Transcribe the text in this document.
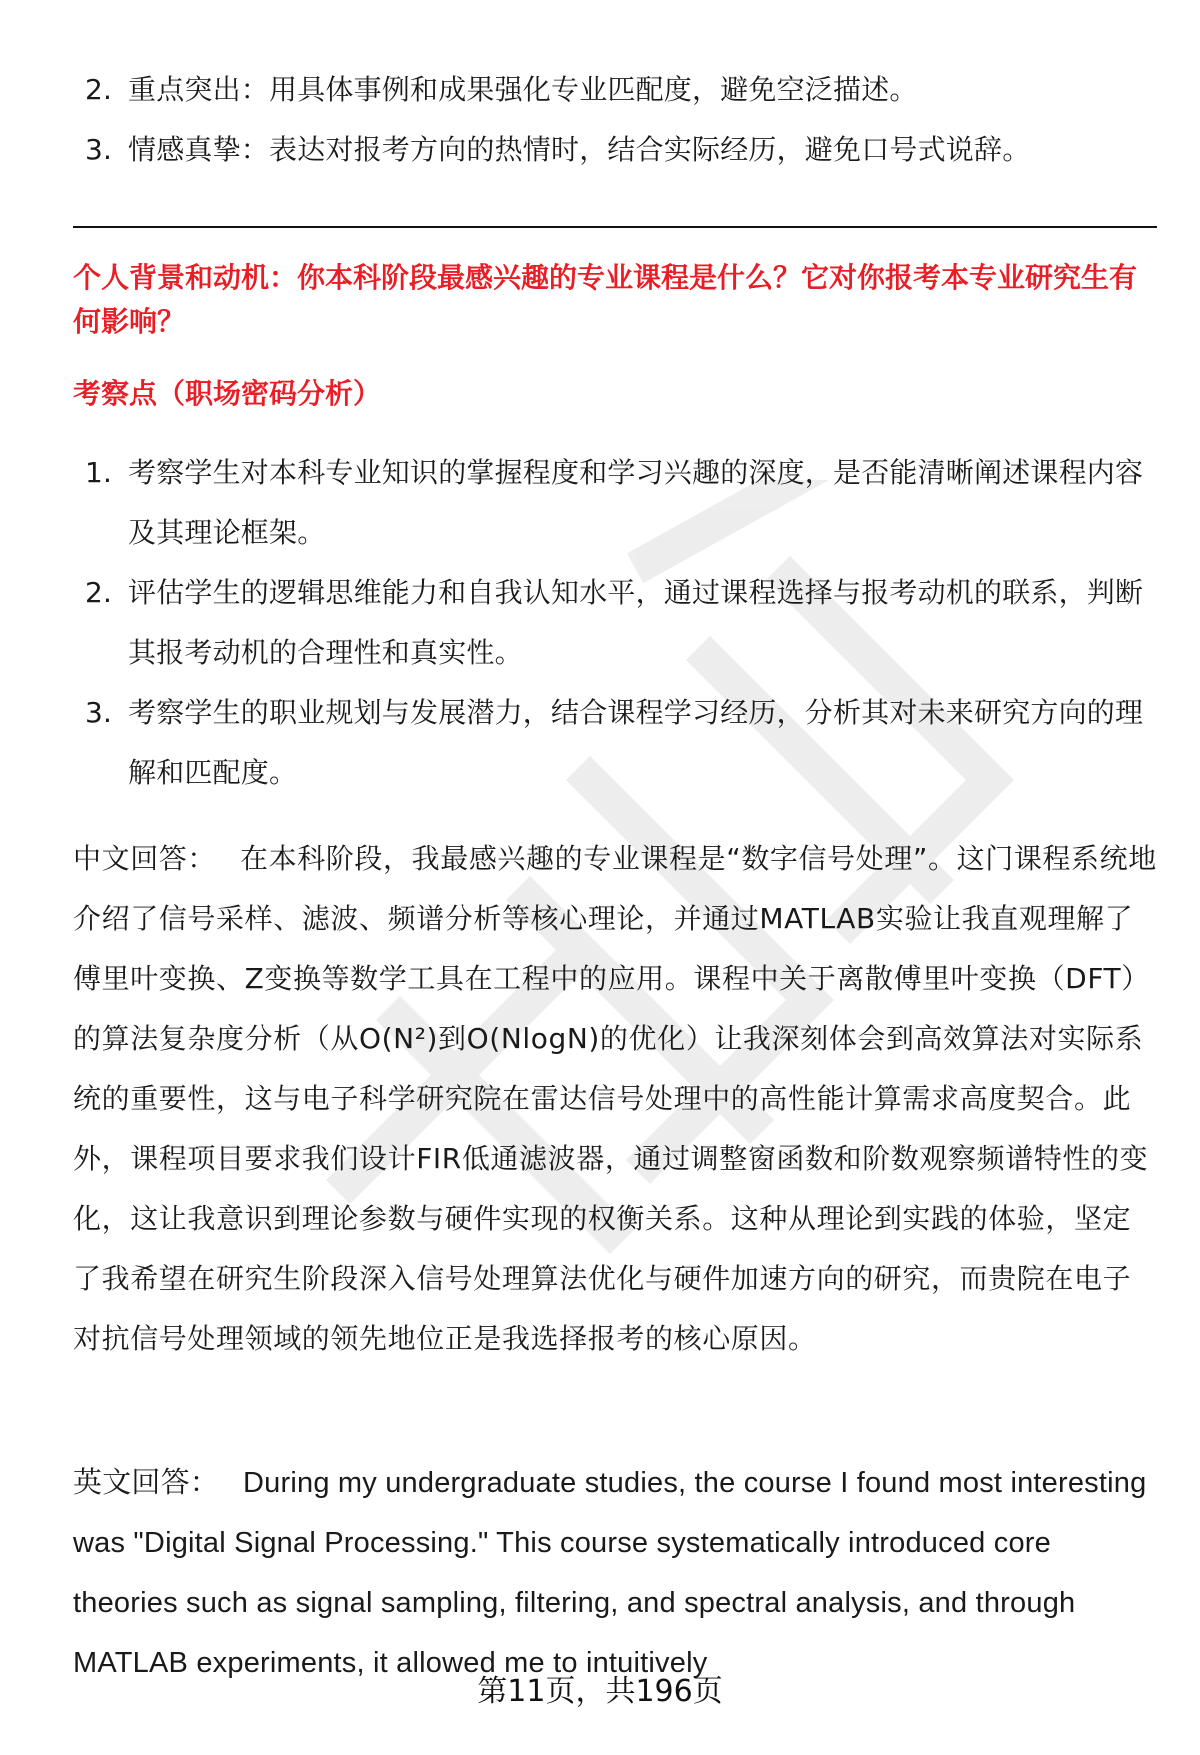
2. 重点突出：用具体事例和成果强化专业匹配度，避免空泛描述。
3. 情感真挚：表达对报考方向的热情时，结合实际经历，避免口号式说辞。
个人背景和动机：你本科阶段最感兴趣的专业课程是什么？它对你报考本专业研究生有何影响？
考察点（职场密码分析）
1. 考察学生对本科专业知识的掌握程度和学习兴趣的深度，是否能清晰阐述课程内容及其理论框架。
2. 评估学生的逻辑思维能力和自我认知水平，通过课程选择与报考动机的联系，判断其报考动机的合理性和真实性。
3. 考察学生的职业规划与发展潜力，结合课程学习经历，分析其对未来研究方向的理解和匹配度。

中文回答： 在本科阶段，我最感兴趣的专业课程是“数字信号处理”。这门课程系统地介绍了信号采样、滤波、频谱分析等核心理论，并通过MATLAB实验让我直观理解了傅里叶变换、Z变换等数学工具在工程中的应用。课程中关于离散傅里叶变换（DFT）的算法复杂度分析（从O(N²)到O(NlogN)的优化）让我深刻体会到高效算法对实际系统的重要性，这与电子科学研究院在雷达信号处理中的高性能计算需求高度契合。此外，课程项目要求我们设计FIR低通滤波器，通过调整窗函数和阶数观察频谱特性的变化，这让我意识到理论参数与硬件实现的权衡关系。这种从理论到实践的体验，坚定了我希望在研究生阶段深入信号处理算法优化与硬件加速方向的研究，而贵院在电子对抗信号处理领域的领先地位正是我选择报考的核心原因。

英文回答： During my undergraduate studies, the course I found most interesting was "Digital Signal Processing." This course systematically introduced core theories such as signal sampling, filtering, and spectral analysis, and through MATLAB experiments, it allowed me to intuitively

第11页，共196页
